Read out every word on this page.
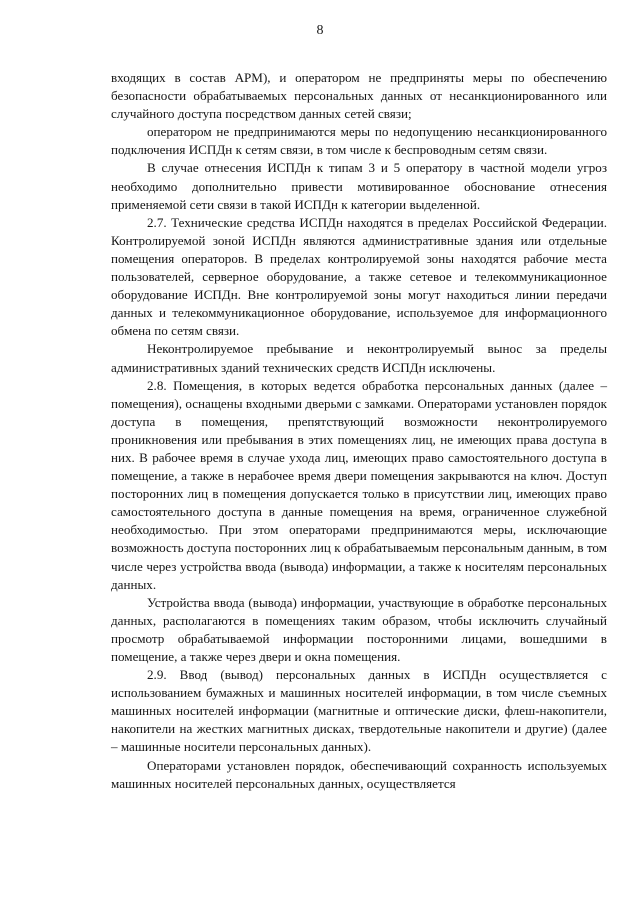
8

входящих в состав АРМ), и оператором не предприняты меры по обеспечению безопасности обрабатываемых персональных данных от несанкционированного или случайного доступа посредством данных сетей связи;

оператором не предпринимаются меры по недопущению несанкционированного подключения ИСПДн к сетям связи, в том числе к беспроводным сетям связи.

В случае отнесения ИСПДн к типам 3 и 5 оператору в частной модели угроз необходимо дополнительно привести мотивированное обоснование отнесения применяемой сети связи в такой ИСПДн к категории выделенной.

2.7. Технические средства ИСПДн находятся в пределах Российской Федерации. Контролируемой зоной ИСПДн являются административные здания или отдельные помещения операторов. В пределах контролируемой зоны находятся рабочие места пользователей, серверное оборудование, а также сетевое и телекоммуникационное оборудование ИСПДн. Вне контролируемой зоны могут находиться линии передачи данных и телекоммуникационное оборудование, используемое для информационного обмена по сетям связи.

Неконтролируемое пребывание и неконтролируемый вынос за пределы административных зданий технических средств ИСПДн исключены.

2.8. Помещения, в которых ведется обработка персональных данных (далее – помещения), оснащены входными дверьми с замками. Операторами установлен порядок доступа в помещения, препятствующий возможности неконтролируемого проникновения или пребывания в этих помещениях лиц, не имеющих права доступа в них. В рабочее время в случае ухода лиц, имеющих право самостоятельного доступа в помещение, а также в нерабочее время двери помещения закрываются на ключ. Доступ посторонних лиц в помещения допускается только в присутствии лиц, имеющих право самостоятельного доступа в данные помещения на время, ограниченное служебной необходимостью. При этом операторами предпринимаются меры, исключающие возможность доступа посторонних лиц к обрабатываемым персональным данным, в том числе через устройства ввода (вывода) информации, а также к носителям персональных данных.

Устройства ввода (вывода) информации, участвующие в обработке персональных данных, располагаются в помещениях таким образом, чтобы исключить случайный просмотр обрабатываемой информации посторонними лицами, вошедшими в помещение, а также через двери и окна помещения.

2.9. Ввод (вывод) персональных данных в ИСПДн осуществляется с использованием бумажных и машинных носителей информации, в том числе съемных машинных носителей информации (магнитные и оптические диски, флеш-накопители, накопители на жестких магнитных дисках, твердотельные накопители и другие) (далее – машинные носители персональных данных).

Операторами установлен порядок, обеспечивающий сохранность используемых машинных носителей персональных данных, осуществляется
